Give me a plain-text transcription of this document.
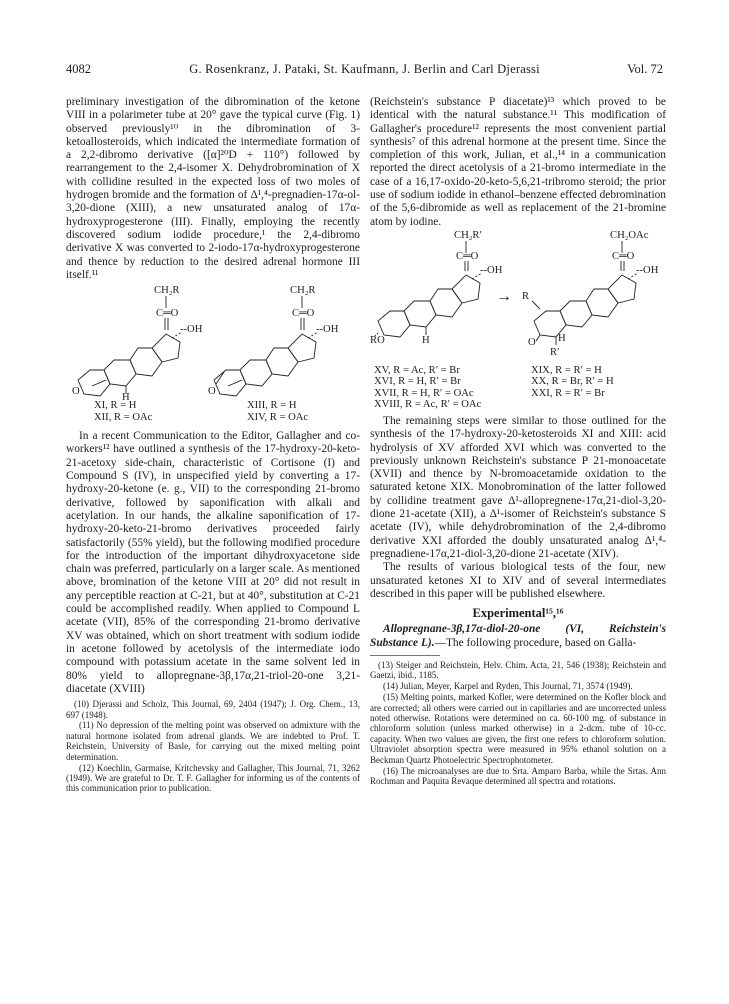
4082	G. Rosenkranz, J. Pataki, St. Kaufmann, J. Berlin and Carl Djerassi	Vol. 72

preliminary investigation of the dibromination of the ketone VIII in a polarimeter tube at 20° gave the typical curve (Fig. 1) observed previously¹⁰ in the dibromination of 3-ketoallosteroids, which indicated the intermediate formation of a 2,2-dibromo derivative ([α]²⁰D + 110°) followed by rearrangement to the 2,4-isomer X. Dehydrobromination of X with collidine resulted in the expected loss of two moles of hydrogen bromide and the formation of Δ¹,⁴-pregnadien-17α-ol-3,20-dione (XIII), a new unsaturated analog of 17α-hydroxyprogesterone (III). Finally, employing the recently discovered sodium iodide procedure,¹ the 2,4-dibromo derivative X was converted to 2-iodo-17α-hydroxyprogesterone and thence by reduction to the desired adrenal hormone III itself.¹¹

CH₂R
C═O
--OH
O
H
CH₂R
C═O
--OH
O
XI, R = H
XII, R = OAc
XIII, R = H
XIV, R = OAc

In a recent Communication to the Editor, Gallagher and co-workers¹² have outlined a synthesis of the 17-hydroxy-20-keto-21-acetoxy side-chain, characteristic of Cortisone (I) and Compound S (IV), in unspecified yield by converting a 17-hydroxy-20-ketone (e. g., VII) to the corresponding 21-bromo derivative, followed by saponification with alkali and acetylation. In our hands, the alkaline saponification of 17-hydroxy-20-keto-21-bromo derivatives proceeded fairly satisfactorily (55% yield), but the following modified procedure for the introduction of the important dihydroxyacetone side chain was preferred, particularly on a larger scale. As mentioned above, bromination of the ketone VIII at 20° did not result in any perceptible reaction at C-21, but at 40°, substitution at C-21 could be accomplished readily. When applied to Compound L acetate (VII), 85% of the corresponding 21-bromo derivative XV was obtained, which on short treatment with sodium iodide in acetone followed by acetolysis of the intermediate iodo compound with potassium acetate in the same solvent led in 80% yield to allopregnane-3β,17α,21-triol-20-one 3,21-diacetate (XVIII)

(10) Djerassi and Scholz, This Journal, 69, 2404 (1947); J. Org. Chem., 13, 697 (1948).

(11) No depression of the melting point was observed on admixture with the natural hormone isolated from adrenal glands. We are indebted to Prof. T. Reichstein, University of Basle, for carrying out the mixed melting point determination.

(12) Koechlin, Garmaise, Kritchevsky and Gallagher, This Journal, 71, 3262 (1949). We are grateful to Dr. T. F. Gallagher for informing us of the contents of this communication prior to publication.

(Reichstein's substance P diacetate)¹³ which proved to be identical with the natural substance.¹¹ This modification of Gallagher's procedure¹² represents the most convenient partial synthesis⁷ of this adrenal hormone at the present time. Since the completion of this work, Julian, et al.,¹⁴ in a communication reported the direct acetolysis of a 21-bromo intermediate in the case of a 16,17-oxido-20-keto-5,6,21-tribromo steroid; the prior use of sodium iodide in ethanol–benzene effected debromination of the 5,6-dibromide as well as replacement of the 21-bromine atom by iodine.

CH₂R′
C═O
--OH
RO	H
→
CH₂OAc
C═O
--OH
R
O
R′
H
XV, R = Ac, R′ = Br
XVI, R = H, R′ = Br
XVII, R = H, R′ = OAc
XVIII, R = Ac, R′ = OAc
XIX, R = R′ = H
XX, R = Br, R′ = H
XXI, R = R′ = Br

The remaining steps were similar to those outlined for the synthesis of the 17-hydroxy-20-ketosteroids XI and XIII: acid hydrolysis of XV afforded XVI which was converted to the previously unknown Reichstein's substance P 21-monoacetate (XVII) and thence by N-bromoacetamide oxidation to the saturated ketone XIX. Monobromination of the latter followed by collidine treatment gave Δ¹-allopregnene-17α,21-diol-3,20-dione 21-acetate (XII), a Δ¹-isomer of Reichstein's substance S acetate (IV), while dehydrobromination of the 2,4-dibromo derivative XXI afforded the doubly unsaturated analog Δ¹,⁴-pregnadiene-17α,21-diol-3,20-dione 21-acetate (XIV).

The results of various biological tests of the four, new unsaturated ketones XI to XIV and of several intermediates described in this paper will be published elsewhere.

Experimental¹⁵,¹⁶

Allopregnane-3β,17α-diol-20-one (VI, Reichstein's Substance L).—The following procedure, based on Galla-

(13) Steiger and Reichstein, Helv. Chim. Acta, 21, 546 (1938); Reichstein and Gaetzi, ibid., 1185.

(14) Julian, Meyer, Karpel and Ryden, This Journal, 71, 3574 (1949).

(15) Melting points, marked Kofler, were determined on the Kofler block and are corrected; all others were carried out in capillaries and are uncorrected unless noted otherwise. Rotations were determined on ca. 60-100 mg. of substance in chloroform solution (unless marked otherwise) in a 2-dcm. tube of 10-cc. capacity. When two values are given, the first one refers to chloroform solution. Ultraviolet absorption spectra were measured in 95% ethanol solution on a Beckman Quartz Photoelectric Spectrophotometer.

(16) The microanalyses are due to Srta. Amparo Barba, while the Srtas. Ann Rochman and Paquita Revaque determined all spectra and rotations.
